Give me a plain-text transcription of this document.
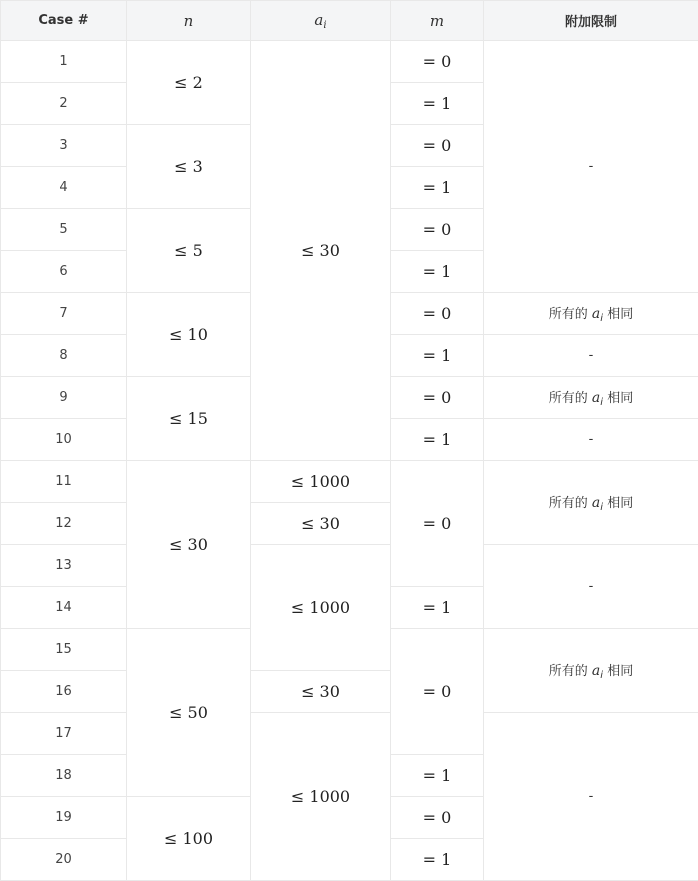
Case #	n	$a_i$	m	附加限制
1	≤ 2	≤ 30	= 0	-
2			= 1	
3	≤ 3		= 0	
4			= 1	
5	≤ 5		= 0	
6			= 1	
7	≤ 10		= 0	所有的 $a_i$ 相同
8			= 1	-
9	≤ 15		= 0	所有的 $a_i$ 相同
10			= 1	-
11	≤ 30	≤ 1000	= 0	所有的 $a_i$ 相同
12		≤ 30		
13		≤ 1000		-
14			= 1	
15	≤ 50		= 0	所有的 $a_i$ 相同
16		≤ 30		
17		≤ 1000		-
18			= 1	
19	≤ 100		= 0	
20			= 1	
